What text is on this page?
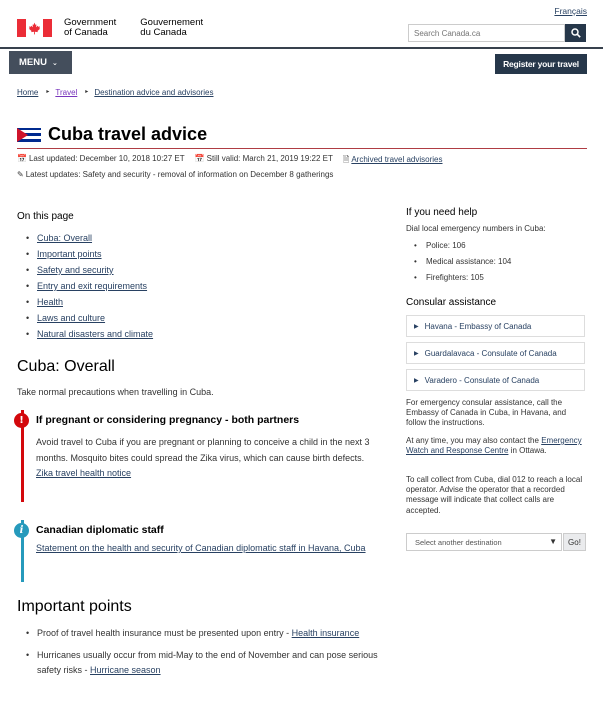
Français
Government
of Canada
Gouvernement
du Canada
Search Canada.ca
MENU ⌄	Register your travel
Home ▸ Travel ▸ Destination advice and advisories
Cuba travel advice
📅 Last updated: December 10, 2018 10:27 ET 📅 Still valid: March 21, 2019 19:22 ET 🗎 Archived travel advisories
✎ Latest updates: Safety and security - removal of information on December 8 gatherings
On this page
• Cuba: Overall
• Important points
• Safety and security
• Entry and exit requirements
• Health
• Laws and culture
• Natural disasters and climate
Cuba: Overall
Take normal precautions when travelling in Cuba.
!	If pregnant or considering pregnancy - both partners
Avoid travel to Cuba if you are pregnant or planning to conceive a child in the next 3 months. Mosquito bites could spread the Zika virus, which can cause birth defects.
Zika travel health notice
i	Canadian diplomatic staff
Statement on the health and security of Canadian diplomatic staff in Havana, Cuba
Important points
• Proof of travel health insurance must be presented upon entry - Health insurance
• Hurricanes usually occur from mid-May to the end of November and can pose serious safety risks - Hurricane season
If you need help
Dial local emergency numbers in Cuba:
• Police: 106
• Medical assistance: 104
• Firefighters: 105
Consular assistance
▶ Havana - Embassy of Canada
▶ Guardalavaca - Consulate of Canada
▶ Varadero - Consulate of Canada
For emergency consular assistance, call the Embassy of Canada in Cuba, in Havana, and follow the instructions.
At any time, you may also contact the Emergency Watch and Response Centre in Ottawa.
To call collect from Cuba, dial 012 to reach a local operator. Advise the operator that a recorded message will indicate that collect calls are accepted.
Select another destination	▼	Go!
